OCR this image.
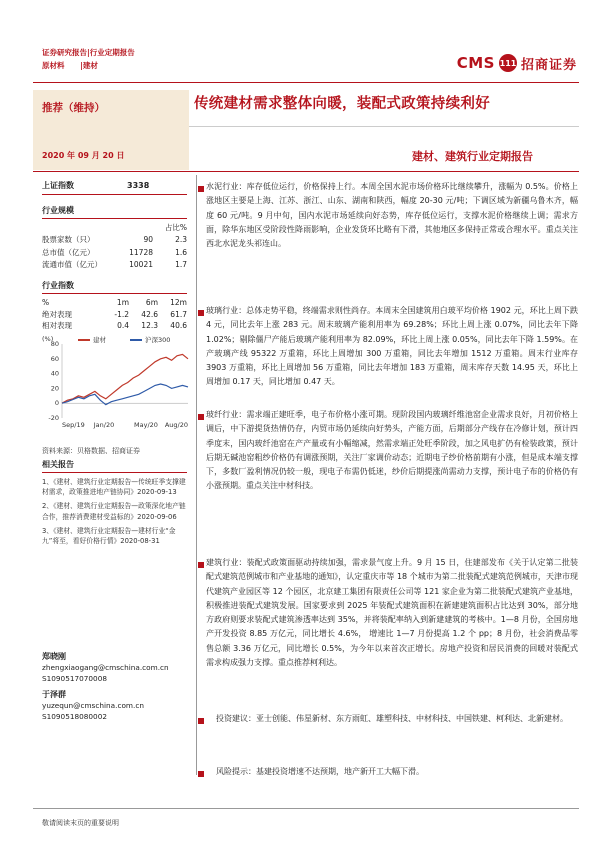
证券研究报告|行业定期报告
原材料      |建材	CMS 111 招商证券
推荐（维持）
2020 年 09 月 20 日
传统建材需求整体向暖，装配式政策持续利好
建材、建筑行业定期报告
上证指数	3338
行业规模
占比%
股票家数（只）	90	2.3
总市值（亿元）	11728	1.6
流通市值（亿元）	10021	1.7
行业指数
%	1m	6m	12m
绝对表现	-1.2	42.6	61.7
相对表现	0.4	12.3	40.6
(%)
80
60
40
20
0
-20
Sep/19 Jan/20	May/20 Aug/20
建材	沪深300
资料来源：贝格数据、招商证券
相关报告
1、《建材、建筑行业定期报告—传统旺季支撑建材需求，政策推进地产链协同》2020-09-13
2、《建材、建筑行业定期报告—政策深化地产链合作，推荐消费建材受益标的》2020-09-06
3、《建材、建筑行业定期报告—建材行业“金九”将至，看好价格行情》2020-08-31
郑晓刚
zhengxiaogang@cmschina.com.cn
S1090517070008
于泽群
yuzequn@cmschina.com.cn
S1090518080002
水泥行业：库存低位运行，价格保持上行。本周全国水泥市场价格环比继续攀升，涨幅为 0.5%。价格上涨地区主要是上海、江苏、浙江、山东、湖南和陕西，幅度 20-30 元/吨；下调区域为新疆乌鲁木齐，幅度 60 元/吨。9 月中旬，国内水泥市场延续向好态势，库存低位运行，支撑水泥价格继续上调；需求方面，除华东地区受阶段性降雨影响，企业发货环比略有下滑，其他地区多保持正常或合理水平。重点关注西北水泥龙头祁连山。
玻璃行业：总体走势平稳，终端需求则性尚存。本周末全国建筑用白玻平均价格 1902 元，环比上周下跌 4 元，同比去年上涨 283 元。周末玻璃产能利用率为 69.28%；环比上周上涨 0.07%，同比去年下降 1.02%；剔除僵尸产能后玻璃产能利用率为 82.09%，环比上周上涨 0.05%，同比去年下降 1.59%。在产玻璃产线 95322 万重箱，环比上周增加 300 万重箱，同比去年增加 1512 万重箱。周末行业库存 3903 万重箱，环比上周增加 56 万重箱，同比去年增加 183 万重箱，周末库存天数 14.95 天，环比上周增加 0.17 天，同比增加 0.47 天。
玻纤行业：需求端正建旺季，电子布价格小涨可期。现阶段国内玻璃纤维池窑企业需求良好，月初价格上调后，中下游提货热情仍存，内贸市场仍延续向好势头，产能方面，后期部分产线存在冷修计划，预计四季度末，国内玻纤池窑在产产量或有小幅缩减，然需求端正处旺季阶段，加之风电扩仍有检装政策，预计后期无碱池窑粗纱价格仍有调涨预期，关注厂家调价动态；近期电子纱价格前期有小涨，但是成本端支撑下，多数厂盈利情况仍较一般，现电子布需仍低迷，纱价后期提涨尚需动力支撑，预计电子布的价格仍有小涨预期。重点关注中材科技。
建筑行业：装配式政策面驱动持续加强，需求景气度上升。9 月 15 日，住建部发布《关于认定第二批装配式建筑范例城市和产业基地的通知》，认定重庆市等 18 个城市为第二批装配式建筑范例城市，天津市现代建筑产业园区等 12 个园区，北京建工集团有限责任公司等 121 家企业为第二批装配式建筑产业基地，积极推进装配式建筑发展。国家要求到 2025 年装配式建筑面积在新建建筑面积占比达到 30%，部分地方政府则要求装配式建筑渗透率达到 35%，并将装配率纳入到新建建筑的考核中。1—8 月份，全国房地产开发投资 8.85 万亿元，同比增长 4.6%， 增速比 1—7 月份提高 1.2 个 pp；8 月份，社会消费品零售总额 3.36 万亿元，同比增长 0.5%，为今年以来首次正增长。房地产投资和居民消费的回暖对装配式需求构成强力支撑。重点推荐柯利达。
投资建议：亚士创能、伟星新材、东方雨虹、雄塑科技、中材科技、中国铁建、柯利达、北新建材。
风险提示：基建投资增速不达预期，地产新开工大幅下滑。
敬请阅读末页的重要说明
